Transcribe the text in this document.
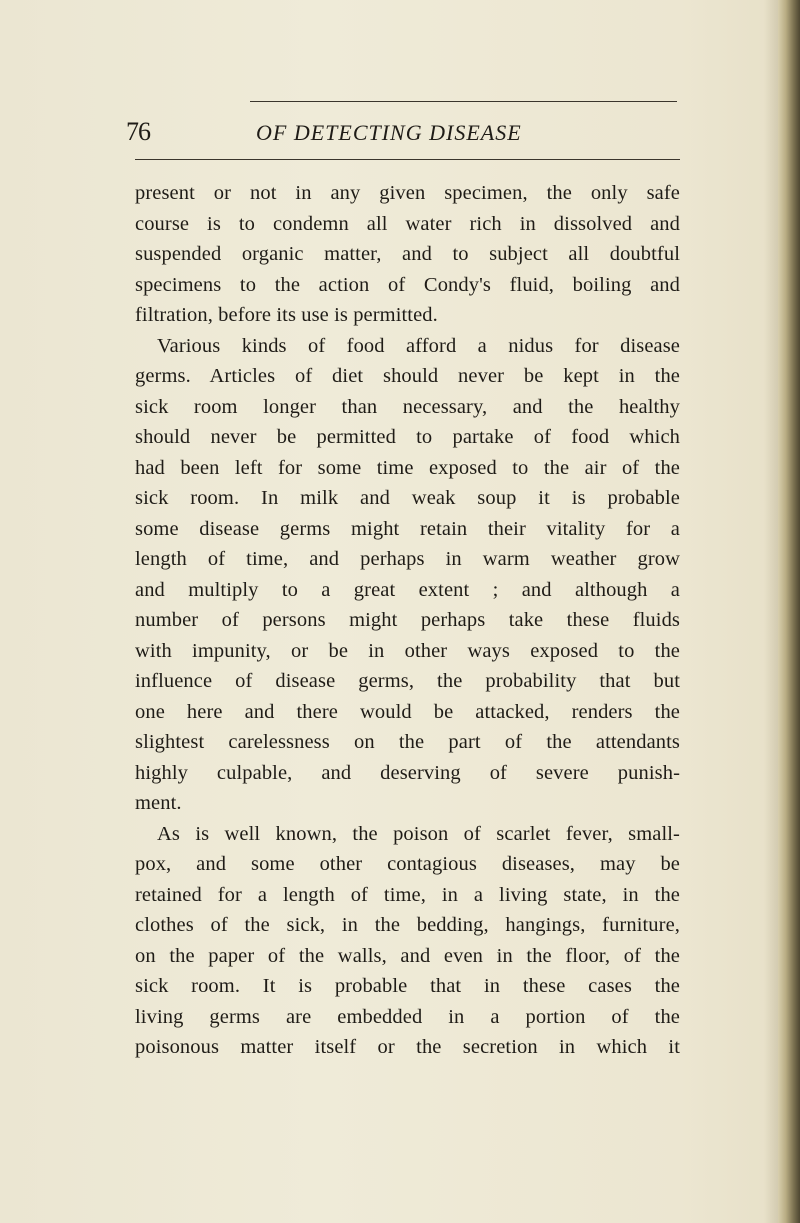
76	OF DETECTING DISEASE
present or not in any given specimen, the only safe
course is to condemn all water rich in dissolved and
suspended organic matter, and to subject all doubtful
specimens to the action of Condy's fluid, boiling and
filtration, before its use is permitted.
Various kinds of food afford a nidus for disease
germs. Articles of diet should never be kept in the
sick room longer than necessary, and the healthy
should never be permitted to partake of food which
had been left for some time exposed to the air of the
sick room. In milk and weak soup it is probable
some disease germs might retain their vitality for a
length of time, and perhaps in warm weather grow
and multiply to a great extent ; and although a
number of persons might perhaps take these fluids
with impunity, or be in other ways exposed to the
influence of disease germs, the probability that but
one here and there would be attacked, renders the
slightest carelessness on the part of the attendants
highly culpable, and deserving of severe punish-
ment.
As is well known, the poison of scarlet fever, small-
pox, and some other contagious diseases, may be
retained for a length of time, in a living state, in the
clothes of the sick, in the bedding, hangings, furniture,
on the paper of the walls, and even in the floor, of the
sick room. It is probable that in these cases the
living germs are embedded in a portion of the
poisonous matter itself or the secretion in which it
